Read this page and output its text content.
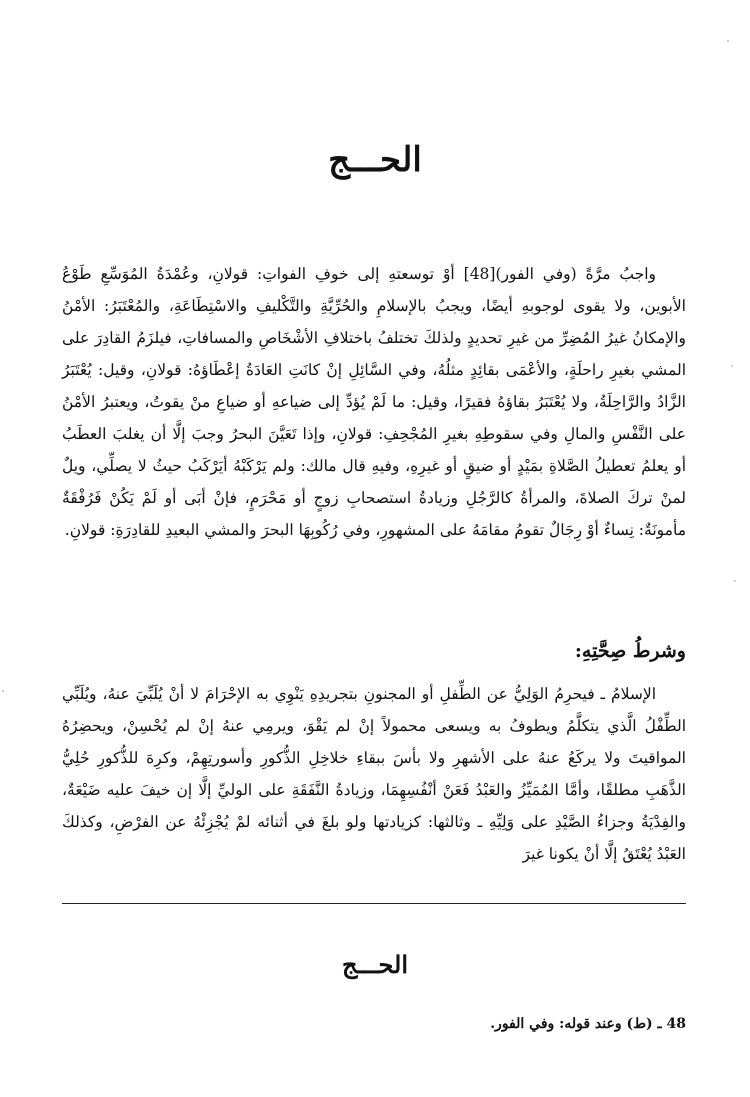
الحـــج

واجبُ مرَّةً (وفي الفور)[48] أوْ توسعتهِ إلى خوفِ الفواتِ: قولانِ، وعُمْدَةُ المُوَسِّعِ طَوْعُ الأبوين، ولا يقوى لوجوبهِ أيضًا، ويجبُ بالإسلامِ والحُرِّيَّةِ والتَّكْليفِ والاسْتِطَاعَةِ، والمُعْتَبَرُ: الأمْنُ والإمكانُ غيرُ المُضِرِّ من غيرِ تحديدٍ ولذلكَ تختلفُ باختلافِ الأشْخَاصِ والمسافاتِ، فيلزَمُ القادِرَ على المشي بغيرِ راحلَةٍ، والأعْمَى بقائِدٍ مثلُهُ، وفي السَّائِلِ إنْ كانَتِ العَادَةُ إعْطَاؤهُ: قولانِ، وقيل: يُعْتَبَرُ الزَّادُ والرَّاحِلَةُ، ولا يُعْتَبَرُ بقاؤهُ فقيرًا، وقيل: ما لَمْ يُؤدِّ إلى ضياعهِ أو ضياعِ منْ يقوتُ، ويعتبرُ الأمْنُ على النَّفْسِ والمالِ وفي سقوطِهِ بغيرِ المُجْحِفِ: قولانِ، وإذا تَعَيَّنَ البحرُ وجبَ إلَّا أن يغلبَ العطَبُ أو يعلمُ تعطيلُ الصَّلاةِ بمَيْدٍ أو ضيقٍ أو غيرِهِ، وفيهِ قال مالك: ولم يَرْكَبْهُ أيَرْكَبُ حيثُ لا يصلِّي، ويلٌ لمنْ تركَ الصلاةَ، والمرأةُ كالرَّجُلِ وزيادةُ استصحابِ زوجٍ أو مَحْرَمٍ، فإنْ أبَى أو لَمْ يَكُنْ فَرُفْقَةٌ مأمونَةٌ: نِساءٌ أوْ رِجَالٌ تقومُ مقامَهُ على المشهورِ، وفي رُكُوبِهَا البحرَ والمشي البعيدِ للقادِرَةِ: قولانِ.

وشرطُ صِحَّتِهِ:

الإسلامُ ـ فيحرِمُ الوَلِيُّ عن الطِّفلِ أو المجنونِ بتجريدِهِ يَنْوِي به الإحْرَامَ لا أنْ يُلَبِّيَ عنهُ، ويُلَبِّي الطِّفْلُ الَّذي يتكلَّمُ ويطوفُ به ويسعى محمولاً إنْ لم يَقْوَ، ويرمِي عنهُ إنْ لم يُحْسِنْ، ويحضِرُهُ المواقيتَ ولا يركَعُ عنهُ على الأشهرِ ولا بأسَ ببقاءِ خلاخِلِ الذُّكورِ وأسورتِهِمْ، وكرِهَ للذُّكورِ حُلِيُّ الذَّهَبِ مطلقًا، وأمَّا المُمَيِّزُ والعَبْدُ فَعَنْ أنْفُسِهِمَا، وزيادةُ النَّفَقَةِ على الوليِّ إلَّا إن خيفَ عليه ضَيْعَةٌ، والفِدْيَةُ وجزاءُ الصَّيْدِ على وَلِيِّهِ ـ وثالثها: كزيادتها ولو بلغَ في أثنائه لمْ يُجْزِئْهُ عن الفرْضِ، وكذلكَ العَبْدُ يُعْتَقُ إلَّا أنْ يكونا غيرَ

الحـــج
48 ـ (ط) وعند قوله: وفي الفور.
